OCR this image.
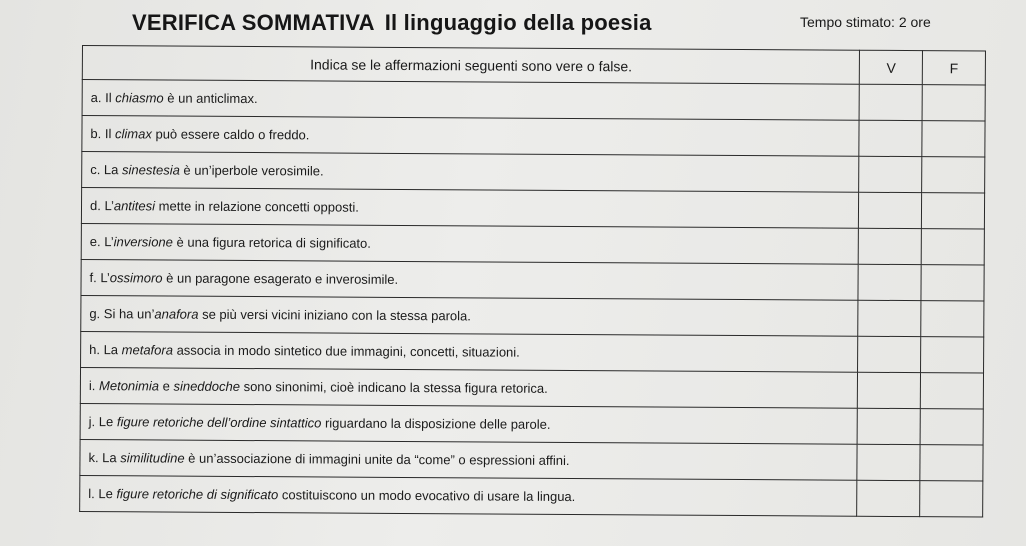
VERIFICA SOMMATIVA Il linguaggio della poesia	Tempo stimato: 2 ore
Indica se le affermazioni seguenti sono vere o false.	V	F
a. Il chiasmo è un anticlimax.		
b. Il climax può essere caldo o freddo.		
c. La sinestesia è un’iperbole verosimile.		
d. L’antitesi mette in relazione concetti opposti.		
e. L’inversione è una figura retorica di significato.		
f. L’ossimoro è un paragone esagerato e inverosimile.		
g. Si ha un’anafora se più versi vicini iniziano con la stessa parola.		
h. La metafora associa in modo sintetico due immagini, concetti, situazioni.		
i. Metonimia e sineddoche sono sinonimi, cioè indicano la stessa figura retorica.		
j. Le figure retoriche dell’ordine sintattico riguardano la disposizione delle parole.		
k. La similitudine è un’associazione di immagini unite da “come” o espressioni affini.		
l. Le figure retoriche di significato costituiscono un modo evocativo di usare la lingua.		
